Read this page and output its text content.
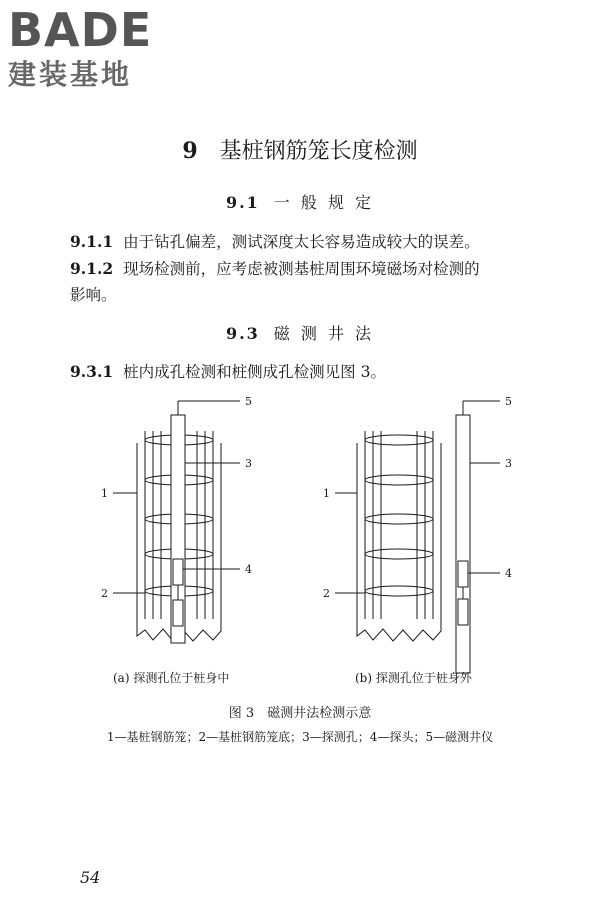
BADE
建装基地
9 基桩钢筋笼长度检测
9.1 一 般 规 定

9.1.1 由于钻孔偏差，测试深度太长容易造成较大的误差。

9.1.2 现场检测前，应考虑被测基桩周围环境磁场对检测的
影响。

9.3 磁 测 井 法

9.3.1 桩内成孔检测和桩侧成孔检测见图 3。

5
3
1
4
2
5
3
1
4
2
(a) 探测孔位于桩身中	(b) 探测孔位于桩身外

图 3　磁测井法检测示意

1—基桩钢筋笼；2—基桩钢筋笼底；3—探测孔；4—探头；5—磁测井仪

54
